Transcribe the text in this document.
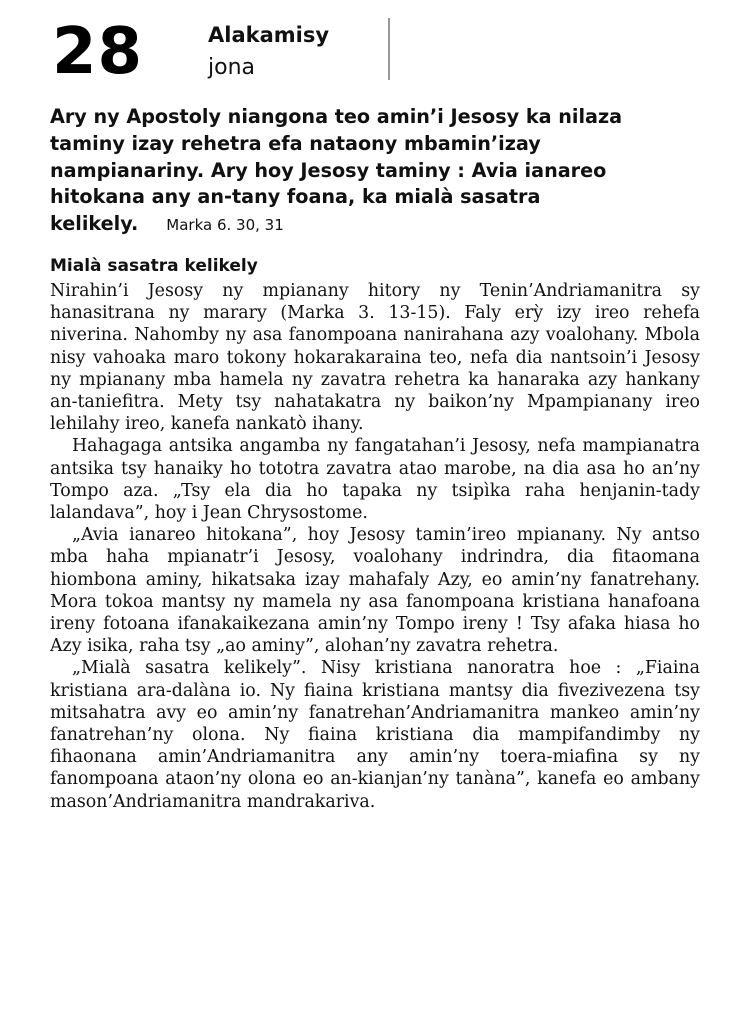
28	Alakamisy
jona

Ary ny Apostoly niangona teo amin’i Jesosy ka nilaza taminy izay rehetra efa nataony mbamin’izay nampianariny. Ary hoy Jesosy taminy : Avia ianareo hitokana any an-tany foana, ka mialà sasatra kelikely. Marka 6. 30, 31

Mialà sasatra kelikely

Nirahin’i Jesosy ny mpianany hitory ny Tenin’Andriamanitra sy hanasitrana ny marary (Marka 3. 13-15). Faly erỳ izy ireo rehefa niverina. Nahomby ny asa fanompoana nanirahana azy voalohany. Mbola nisy vahoaka maro tokony hokarakaraina teo, nefa dia nantsoin’i Jesosy ny mpianany mba hamela ny zavatra rehetra ka hanaraka azy hankany an-taniefitra. Mety tsy nahatakatra ny baikon’ny Mpampianany ireo lehilahy ireo, kanefa nankatò ihany.

Hahagaga antsika angamba ny fangatahan’i Jesosy, nefa mampianatra antsika tsy hanaiky ho tototra zavatra atao marobe, na dia asa ho an’ny Tompo aza. „Tsy ela dia ho tapaka ny tsipìka raha henjanin-tady lalandava”, hoy i Jean Chrysostome.

„Avia ianareo hitokana”, hoy Jesosy tamin’ireo mpianany. Ny antso mba haha mpianatr’i Jesosy, voalohany indrindra, dia fitaomana hiombona aminy, hikatsaka izay mahafaly Azy, eo amin’ny fanatrehany. Mora tokoa mantsy ny mamela ny asa fanompoana kristiana hanafoana ireny fotoana ifanakaikezana amin’ny Tompo ireny ! Tsy afaka hiasa ho Azy isika, raha tsy „ao aminy”, alohan’ny zavatra rehetra.

„Mialà sasatra kelikely”. Nisy kristiana nanoratra hoe : „Fiaina kristiana ara-dalàna io. Ny fiaina kristiana mantsy dia fivezivezena tsy mitsahatra avy eo amin’ny fanatrehan’Andriamanitra mankeo amin’ny fanatrehan’ny olona. Ny fiaina kristiana dia mampifandimby ny fihaonana amin’Andriamanitra any amin’ny toera-miafina sy ny fanompoana ataon’ny olona eo an-kianjan’ny tanàna”, kanefa eo ambany mason’Andriamanitra mandrakariva.
